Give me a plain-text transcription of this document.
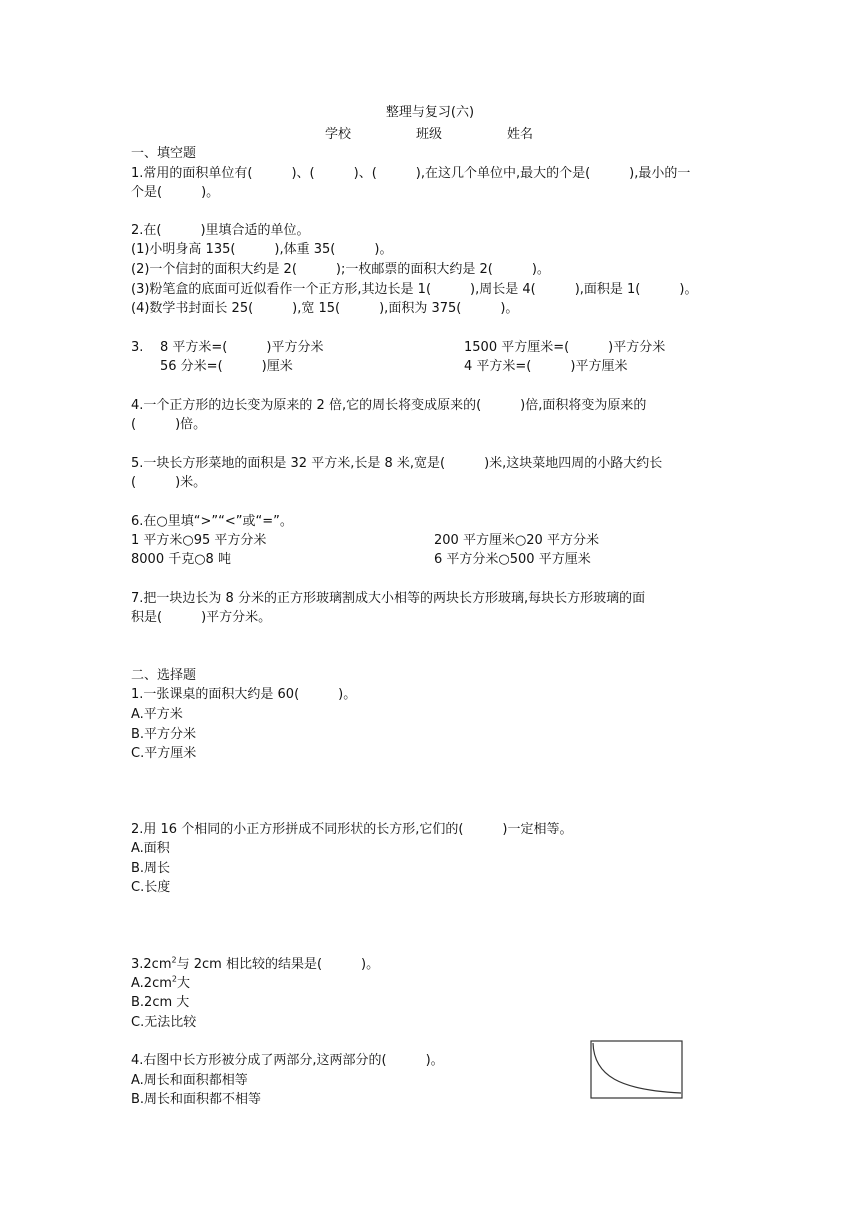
整理与复习(六)
学校	班级	姓名
一、填空题
1.常用的面积单位有(　　　)、(　　　)、(　　　),在这几个单位中,最大的个是(　　　),最小的一
个是(　　　)。
2.在(　　　)里填合适的单位。
(1)小明身高 135(　　　),体重 35(　　　)。
(2)一个信封的面积大约是 2(　　　);一枚邮票的面积大约是 2(　　　)。
(3)粉笔盒的底面可近似看作一个正方形,其边长是 1(　　　),周长是 4(　　　),面积是 1(　　　)。
(4)数学书封面长 25(　　　),宽 15(　　　),面积为 375(　　　)。
3. 8 平方米=(　　　)平方分米	1500 平方厘米=(　　　)平方分米
56 分米=(　　　)厘米	4 平方米=(　　　)平方厘米
4.一个正方形的边长变为原来的 2 倍,它的周长将变成原来的(　　　)倍,面积将变为原来的
(　　　)倍。
5.一块长方形菜地的面积是 32 平方米,长是 8 米,宽是(　　　)米,这块菜地四周的小路大约长
(　　　)米。
6.在○里填“>”“<”或“=”。
1 平方米○95 平方分米	200 平方厘米○20 平方分米
8000 千克○8 吨	6 平方分米○500 平方厘米
7.把一块边长为 8 分米的正方形玻璃割成大小相等的两块长方形玻璃,每块长方形玻璃的面
积是(　　　)平方分米。
二、选择题
1.一张课桌的面积大约是 60(　　　)。
A.平方米
B.平方分米
C.平方厘米
2.用 16 个相同的小正方形拼成不同形状的长方形,它们的(　　　)一定相等。
A.面积
B.周长
C.长度
$3.2cm^2$与 2cm 相比较的结果是(　　　)。
$A.2cm^2$大
B.2cm 大
C.无法比较
4.右图中长方形被分成了两部分,这两部分的(　　　)。
A.周长和面积都相等
B.周长和面积都不相等
